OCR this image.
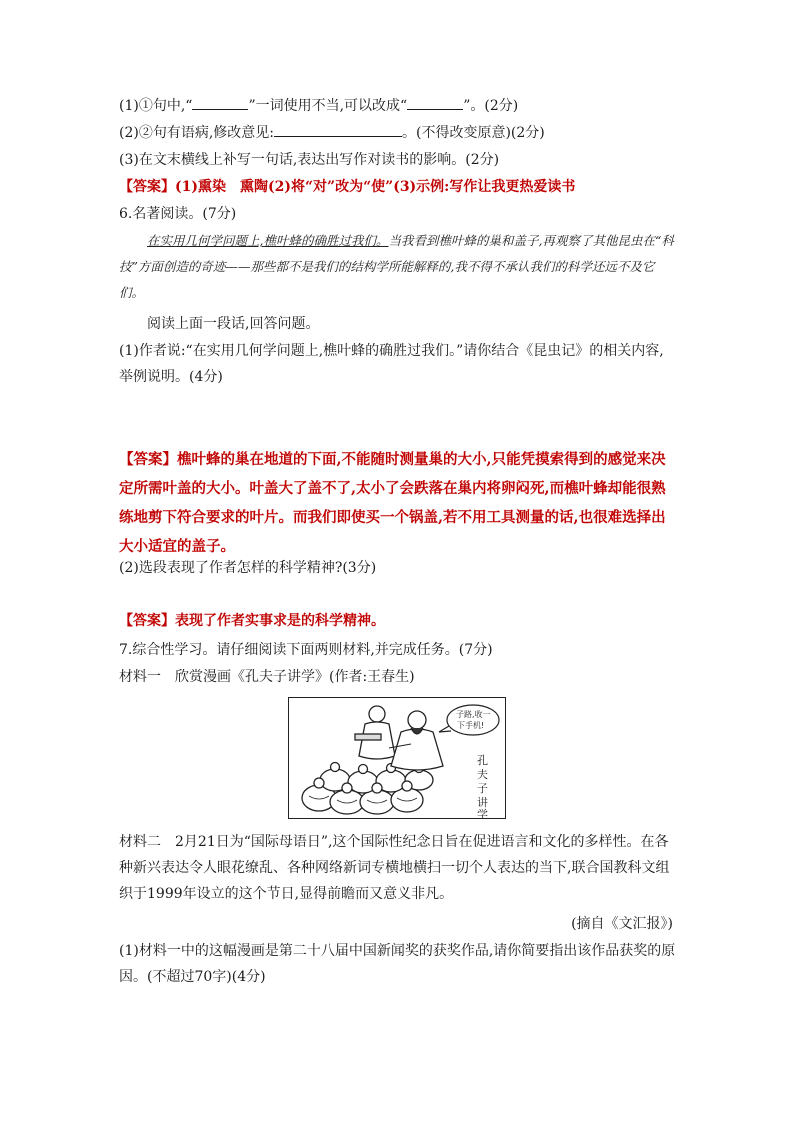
(1)①句中,“	”一词使用不当,可以改成“	”。(2分)
(2)②句有语病,修改意见:	。(不得改变原意)(2分)
(3)在文末横线上补写一句话,表达出写作对读书的影响。(2分)
【答案】(1)熏染　熏陶(2)将“对”改为“使”(3)示例:写作让我更热爱读书
6.名著阅读。(7分)
在实用几何学问题上,樵叶蜂的确胜过我们。当我看到樵叶蜂的巢和盖子,再观察了其他昆虫在“科技”方面创造的奇迹——那些都不是我们的结构学所能解释的,我不得不承认我们的科学还远不及它们。
阅读上面一段话,回答问题。
(1)作者说:“在实用几何学问题上,樵叶蜂的确胜过我们。”请你结合《昆虫记》的相关内容,举例说明。(4分)
【答案】樵叶蜂的巢在地道的下面,不能随时测量巢的大小,只能凭摸索得到的感觉来决定所需叶盖的大小。叶盖大了盖不了,太小了会跌落在巢内将卵闷死,而樵叶蜂却能很熟练地剪下符合要求的叶片。而我们即使买一个锅盖,若不用工具测量的话,也很难选择出大小适宜的盖子。
(2)选段表现了作者怎样的科学精神?(3分)
【答案】表现了作者实事求是的科学精神。
7.综合性学习。请仔细阅读下面两则材料,并完成任务。(7分)
材料一　欣赏漫画《孔夫子讲学》(作者:王春生)
子路,收一
下手机!
孔
夫
子
讲
学
子 孔
材料二　2月21日为“国际母语日”,这个国际性纪念日旨在促进语言和文化的多样性。在各种新兴表达令人眼花缭乱、各种网络新词专横地横扫一切个人表达的当下,联合国教科文组织于1999年设立的这个节日,显得前瞻而又意义非凡。
(摘自《文汇报》)
(1)材料一中的这幅漫画是第二十八届中国新闻奖的获奖作品,请你简要指出该作品获奖的原因。(不超过70字)(4分)
